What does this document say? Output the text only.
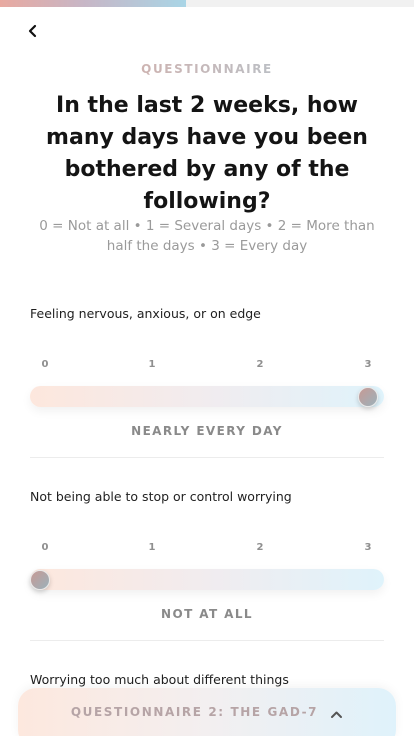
QUESTIONNAIRE
In the last 2 weeks, how many days have you been bothered by any of the following?
0 = Not at all • 1 = Several days • 2 = More than half the days • 3 = Every day
Feeling nervous, anxious, or on edge
0	1	2	3
NEARLY EVERY DAY
Not being able to stop or control worrying
0	1	2	3
NOT AT ALL
Worrying too much about different things
QUESTIONNAIRE 2: THE GAD-7
